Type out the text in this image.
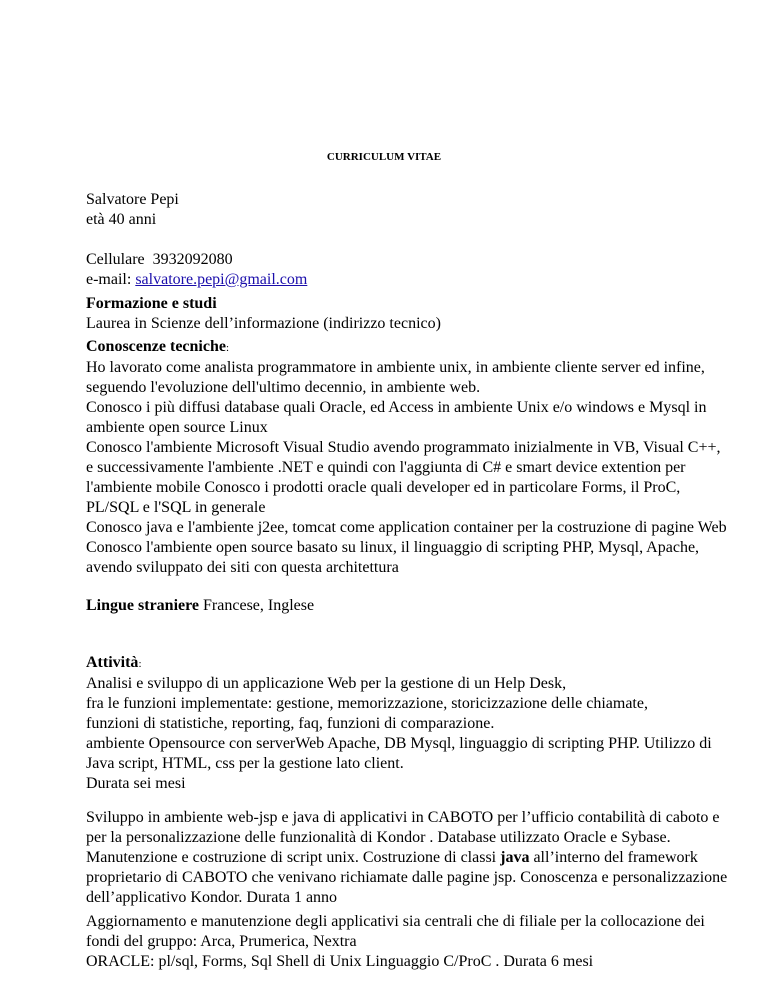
CURRICULUM VITAE
Salvatore Pepi
età 40 anni
Cellulare 3932092080
e-mail: salvatore.pepi@gmail.com
Formazione e studi
Laurea in Scienze dell’informazione (indirizzo tecnico)
Conoscenze tecniche:
Ho lavorato come analista programmatore in ambiente unix, in ambiente cliente server ed infine,
seguendo l'evoluzione dell'ultimo decennio, in ambiente web.
Conosco i più diffusi database quali Oracle, ed Access in ambiente Unix e/o windows e Mysql in
ambiente open source Linux
Conosco l'ambiente Microsoft Visual Studio avendo programmato inizialmente in VB, Visual C++,
e successivamente l'ambiente .NET e quindi con l'aggiunta di C# e smart device extention per
l'ambiente mobile Conosco i prodotti oracle quali developer ed in particolare Forms, il ProC,
PL/SQL e l'SQL in generale
Conosco java e l'ambiente j2ee, tomcat come application container per la costruzione di pagine Web
Conosco l'ambiente open source basato su linux, il linguaggio di scripting PHP, Mysql, Apache,
avendo sviluppato dei siti con questa architettura
Lingue straniere Francese, Inglese
Attività:
Analisi e sviluppo di un applicazione Web per la gestione di un Help Desk,
fra le funzioni implementate: gestione, memorizzazione, storicizzazione delle chiamate,
funzioni di statistiche, reporting, faq, funzioni di comparazione.
ambiente Opensource con serverWeb Apache, DB Mysql, linguaggio di scripting PHP. Utilizzo di
Java script, HTML, css per la gestione lato client.
Durata sei mesi
Sviluppo in ambiente web-jsp e java di applicativi in CABOTO per l’ufficio contabilità di caboto e
per la personalizzazione delle funzionalità di Kondor . Database utilizzato Oracle e Sybase.
Manutenzione e costruzione di script unix. Costruzione di classi java all’interno del framework
proprietario di CABOTO che venivano richiamate dalle pagine jsp. Conoscenza e personalizzazione
dell’applicativo Kondor. Durata 1 anno
Aggiornamento e manutenzione degli applicativi sia centrali che di filiale per la collocazione dei
fondi del gruppo: Arca, Prumerica, Nextra
ORACLE: pl/sql, Forms, Sql Shell di Unix Linguaggio C/ProC . Durata 6 mesi
